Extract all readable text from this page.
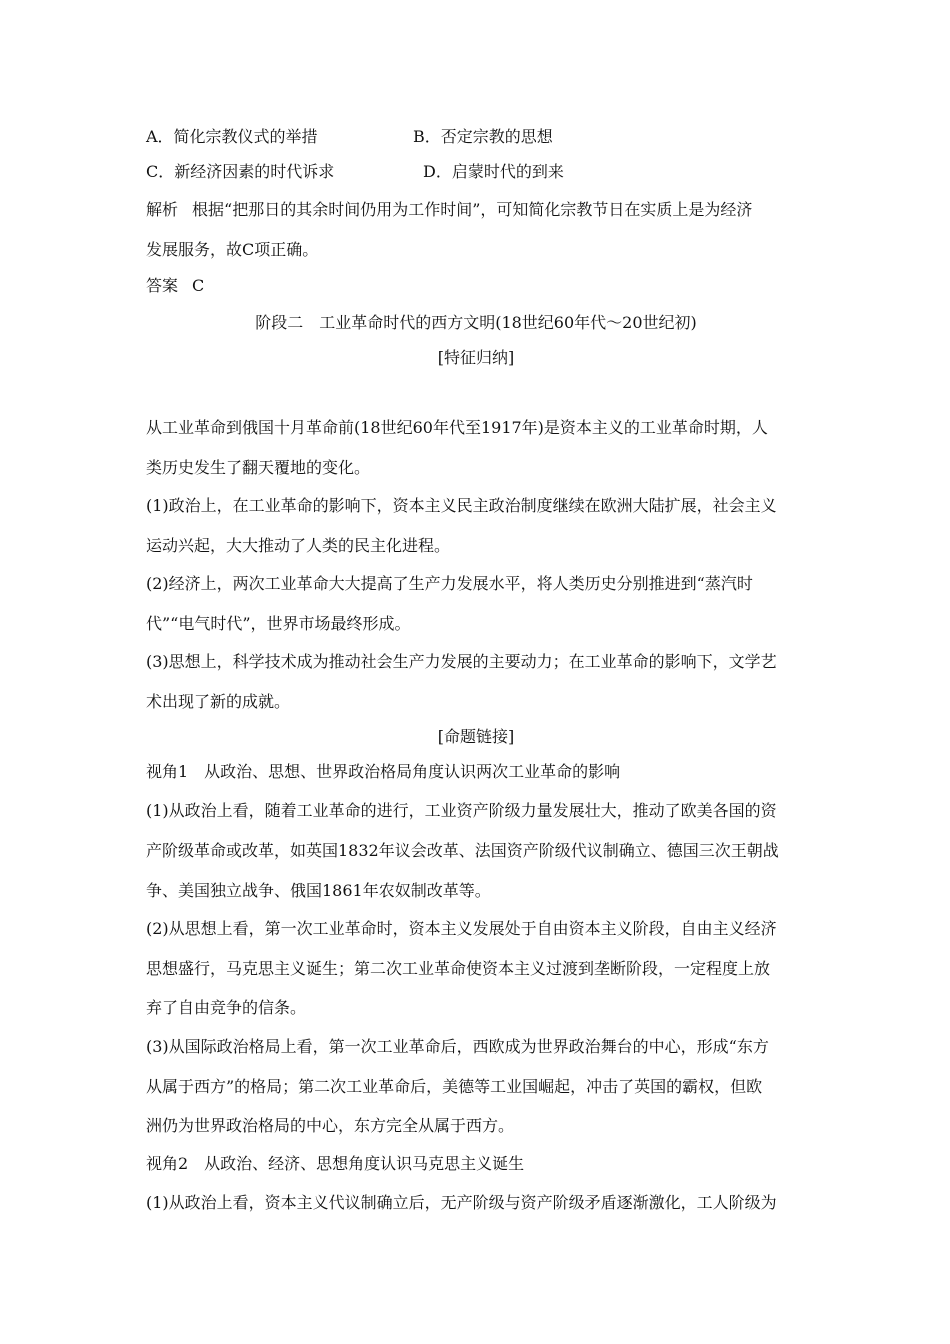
A．简化宗教仪式的举措	B．否定宗教的思想
C．新经济因素的时代诉求	D．启蒙时代的到来
解析 根据“把那日的其余时间仍用为工作时间”，可知简化宗教节日在实质上是为经济
发展服务，故C项正确。
答案 C
阶段二　工业革命时代的西方文明(18世纪60年代～20世纪初)
[特征归纳]
从工业革命到俄国十月革命前(18世纪60年代至1917年)是资本主义的工业革命时期，人
类历史发生了翻天覆地的变化。
(1)政治上，在工业革命的影响下，资本主义民主政治制度继续在欧洲大陆扩展，社会主义
运动兴起，大大推动了人类的民主化进程。
(2)经济上，两次工业革命大大提高了生产力发展水平，将人类历史分别推进到“蒸汽时
代”“电气时代”，世界市场最终形成。
(3)思想上，科学技术成为推动社会生产力发展的主要动力；在工业革命的影响下，文学艺
术出现了新的成就。
[命题链接]
视角1　从政治、思想、世界政治格局角度认识两次工业革命的影响
(1)从政治上看，随着工业革命的进行，工业资产阶级力量发展壮大，推动了欧美各国的资
产阶级革命或改革，如英国1832年议会改革、法国资产阶级代议制确立、德国三次王朝战
争、美国独立战争、俄国1861年农奴制改革等。
(2)从思想上看，第一次工业革命时，资本主义发展处于自由资本主义阶段，自由主义经济
思想盛行，马克思主义诞生；第二次工业革命使资本主义过渡到垄断阶段，一定程度上放
弃了自由竞争的信条。
(3)从国际政治格局上看，第一次工业革命后，西欧成为世界政治舞台的中心，形成“东方
从属于西方”的格局；第二次工业革命后，美德等工业国崛起，冲击了英国的霸权，但欧
洲仍为世界政治格局的中心，东方完全从属于西方。
视角2　从政治、经济、思想角度认识马克思主义诞生
(1)从政治上看，资本主义代议制确立后，无产阶级与资产阶级矛盾逐渐激化，工人阶级为
